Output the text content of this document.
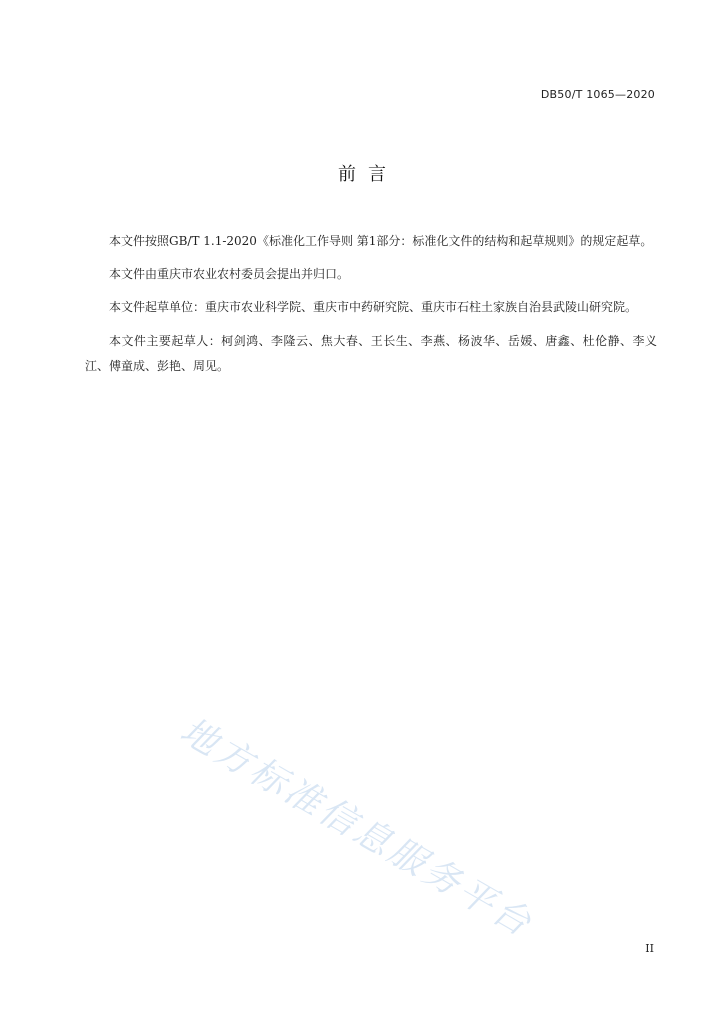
DB50/T 1065—2020
前言

本文件按照GB/T 1.1-2020《标准化工作导则 第1部分：标准化文件的结构和起草规则》的规定起草。

本文件由重庆市农业农村委员会提出并归口。

本文件起草单位：重庆市农业科学院、重庆市中药研究院、重庆市石柱土家族自治县武陵山研究院。

本文件主要起草人：柯剑鸿、李隆云、焦大春、王长生、李燕、杨波华、岳媛、唐鑫、杜伦静、李义江、傅童成、彭艳、周见。

地方标准信息服务平台
II
